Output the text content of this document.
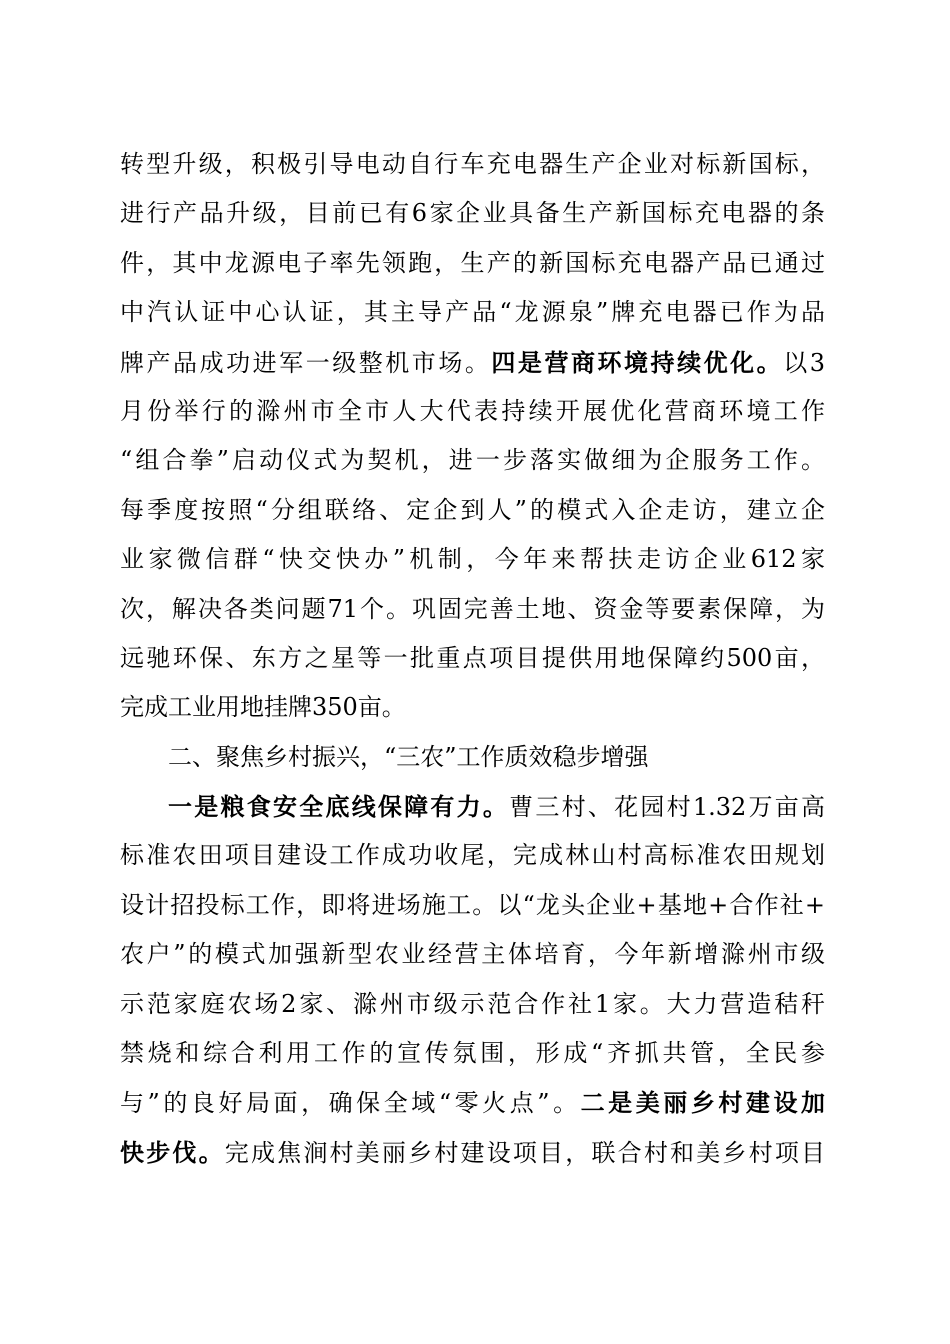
转型升级，积极引导电动自行车充电器生产企业对标新国标，
进行产品升级，目前已有6家企业具备生产新国标充电器的条
件，其中龙源电子率先领跑，生产的新国标充电器产品已通过
中汽认证中心认证，其主导产品“龙源泉”牌充电器已作为品
牌产品成功进军一级整机市场。四是营商环境持续优化。以3
月份举行的滁州市全市人大代表持续开展优化营商环境工作
“组合拳”启动仪式为契机，进一步落实做细为企服务工作。
每季度按照“分组联络、定企到人”的模式入企走访，建立企
业家微信群“快交快办”机制，今年来帮扶走访企业612家
次，解决各类问题71个。巩固完善土地、资金等要素保障，为
远驰环保、东方之星等一批重点项目提供用地保障约500亩，
完成工业用地挂牌350亩。
二、聚焦乡村振兴，“三农”工作质效稳步增强
一是粮食安全底线保障有力。曹三村、花园村1.32万亩高
标准农田项目建设工作成功收尾，完成林山村高标准农田规划
设计招投标工作，即将进场施工。以“龙头企业+基地+合作社+
农户”的模式加强新型农业经营主体培育，今年新增滁州市级
示范家庭农场2家、滁州市级示范合作社1家。大力营造秸秆
禁烧和综合利用工作的宣传氛围，形成“齐抓共管，全民参
与”的良好局面，确保全域“零火点”。二是美丽乡村建设加
快步伐。完成焦涧村美丽乡村建设项目，联合村和美乡村项目
